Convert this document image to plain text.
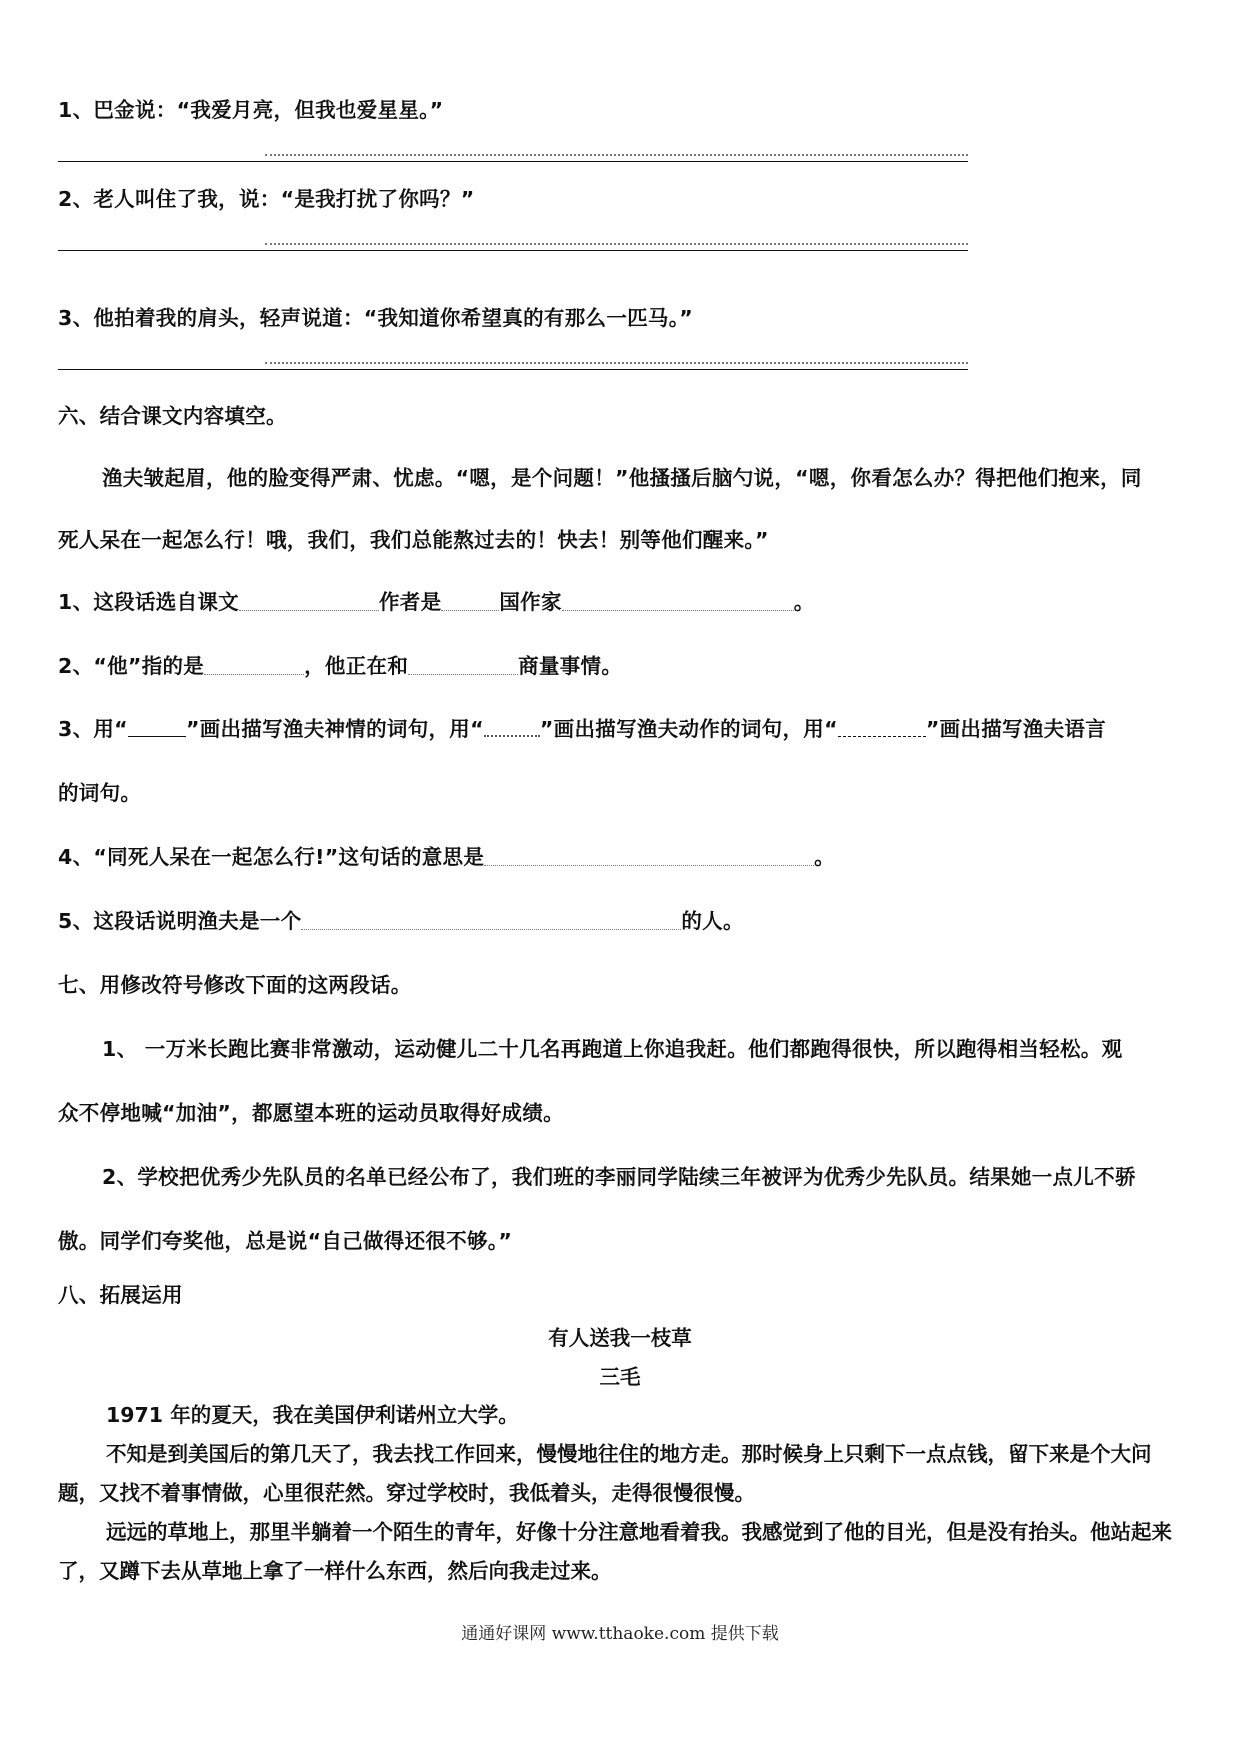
1、巴金说：“我爱月亮，但我也爱星星。”
2、老人叫住了我，说：“是我打扰了你吗？”
3、他拍着我的肩头，轻声说道：“我知道你希望真的有那么一匹马。”
六、结合课文内容填空。
渔夫皱起眉，他的脸变得严肃、忧虑。“嗯，是个问题！”他搔搔后脑勺说，“嗯，你看怎么办？得把他们抱来，同
死人呆在一起怎么行！哦，我们，我们总能熬过去的！快去！别等他们醒来。”
1、这段话选自课文	作者是	国作家	。
2、“他”指的是	，他正在和	商量事情。
3、用“	”画出描写渔夫神情的词句，用“	”画出描写渔夫动作的词句，用“	”画出描写渔夫语言
的词句。
4、“同死人呆在一起怎么行!”这句话的意思是	。
5、这段话说明渔夫是一个	的人。
七、用修改符号修改下面的这两段话。
1、 一万米长跑比赛非常激动，运动健儿二十几名再跑道上你追我赶。他们都跑得很快，所以跑得相当轻松。观
众不停地喊“加油”，都愿望本班的运动员取得好成绩。
2、学校把优秀少先队员的名单已经公布了，我们班的李丽同学陆续三年被评为优秀少先队员。结果她一点儿不骄
傲。同学们夸奖他，总是说“自己做得还很不够。”
八、拓展运用
有人送我一枝草
三毛

1971 年的夏天，我在美国伊利诺州立大学。

不知是到美国后的第几天了，我去找工作回来，慢慢地往住的地方走。那时候身上只剩下一点点钱，留下来是个大问题，又找不着事情做，心里很茫然。穿过学校时，我低着头，走得很慢很慢。

远远的草地上，那里半躺着一个陌生的青年，好像十分注意地看着我。我感觉到了他的目光，但是没有抬头。他站起来了，又蹲下去从草地上拿了一样什么东西，然后向我走过来。

通通好课网 www.tthaoke.com 提供下载
